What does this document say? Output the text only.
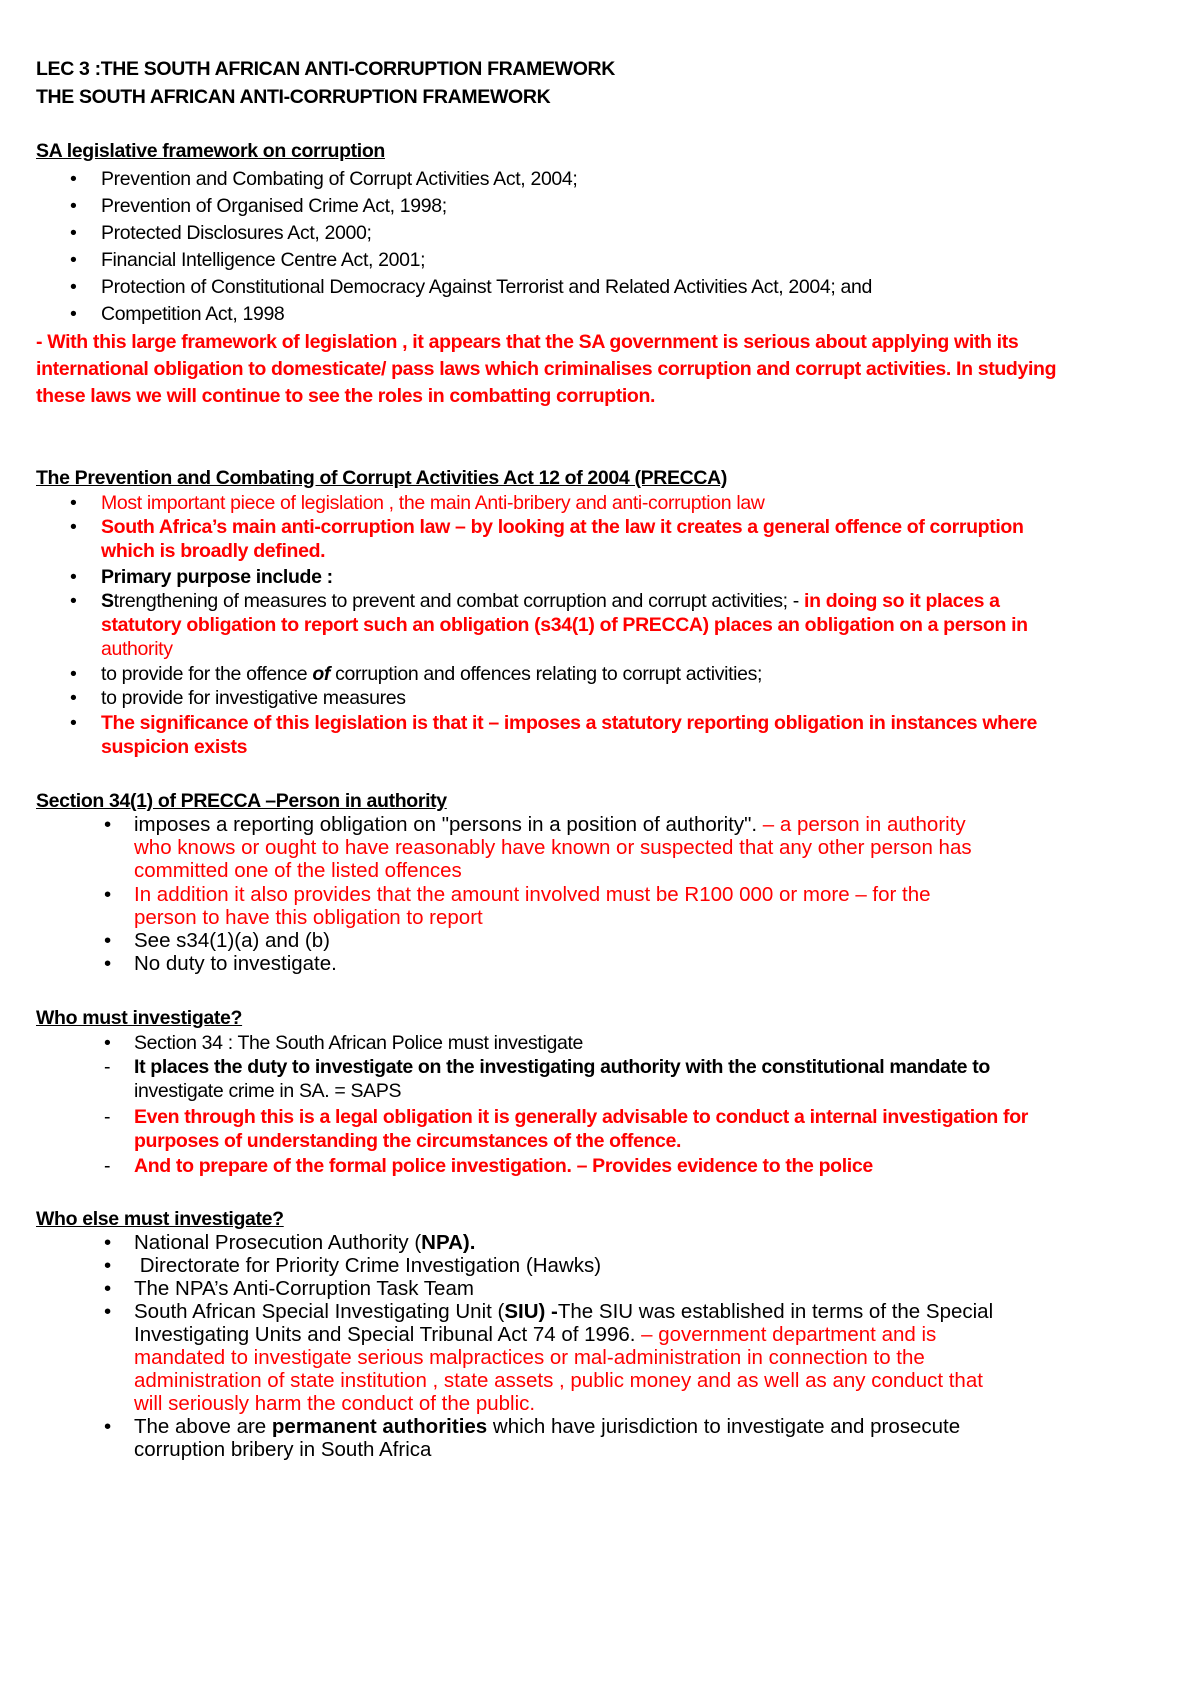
LEC 3 :THE SOUTH AFRICAN ANTI-CORRUPTION FRAMEWORK
THE SOUTH AFRICAN ANTI-CORRUPTION FRAMEWORK
SA legislative framework on corruption
• Prevention and Combating of Corrupt Activities Act, 2004;
• Prevention of Organised Crime Act, 1998;
• Protected Disclosures Act, 2000;
• Financial Intelligence Centre Act, 2001;
• Protection of Constitutional Democracy Against Terrorist and Related Activities Act, 2004; and
• Competition Act, 1998
- With this large framework of legislation , it appears that the SA government is serious about applying with its
international obligation to domesticate/ pass laws which criminalises corruption and corrupt activities. In studying
these laws we will continue to see the roles in combatting corruption.
The Prevention and Combating of Corrupt Activities Act 12 of 2004 (PRECCA)
• Most important piece of legislation , the main Anti-bribery and anti-corruption law
• South Africa’s main anti-corruption law – by looking at the law it creates a general offence of corruption
which is broadly defined.
• Primary purpose include :
• Strengthening of measures to prevent and combat corruption and corrupt activities; - in doing so it places a
statutory obligation to report such an obligation (s34(1) of PRECCA) places an obligation on a person in
authority
• to provide for the offence of corruption and offences relating to corrupt activities;
• to provide for investigative measures
• The significance of this legislation is that it – imposes a statutory reporting obligation in instances where
suspicion exists
Section 34(1) of PRECCA –Person in authority
• imposes a reporting obligation on "persons in a position of authority". – a person in authority
who knows or ought to have reasonably have known or suspected that any other person has
committed one of the listed offences
• In addition it also provides that the amount involved must be R100 000 or more – for the
person to have this obligation to report
• See s34(1)(a) and (b)
• No duty to investigate.
Who must investigate?
• Section 34 : The South African Police must investigate
- It places the duty to investigate on the investigating authority with the constitutional mandate to
investigate crime in SA. = SAPS
- Even through this is a legal obligation it is generally advisable to conduct a internal investigation for
purposes of understanding the circumstances of the offence.
- And to prepare of the formal police investigation. – Provides evidence to the police
Who else must investigate?
• National Prosecution Authority (NPA).
• Directorate for Priority Crime Investigation (Hawks)
• The NPA’s Anti-Corruption Task Team
• South African Special Investigating Unit (SIU) -The SIU was established in terms of the Special
Investigating Units and Special Tribunal Act 74 of 1996. – government department and is
mandated to investigate serious malpractices or mal-administration in connection to the
administration of state institution , state assets , public money and as well as any conduct that
will seriously harm the conduct of the public.
• The above are permanent authorities which have jurisdiction to investigate and prosecute
corruption bribery in South Africa
